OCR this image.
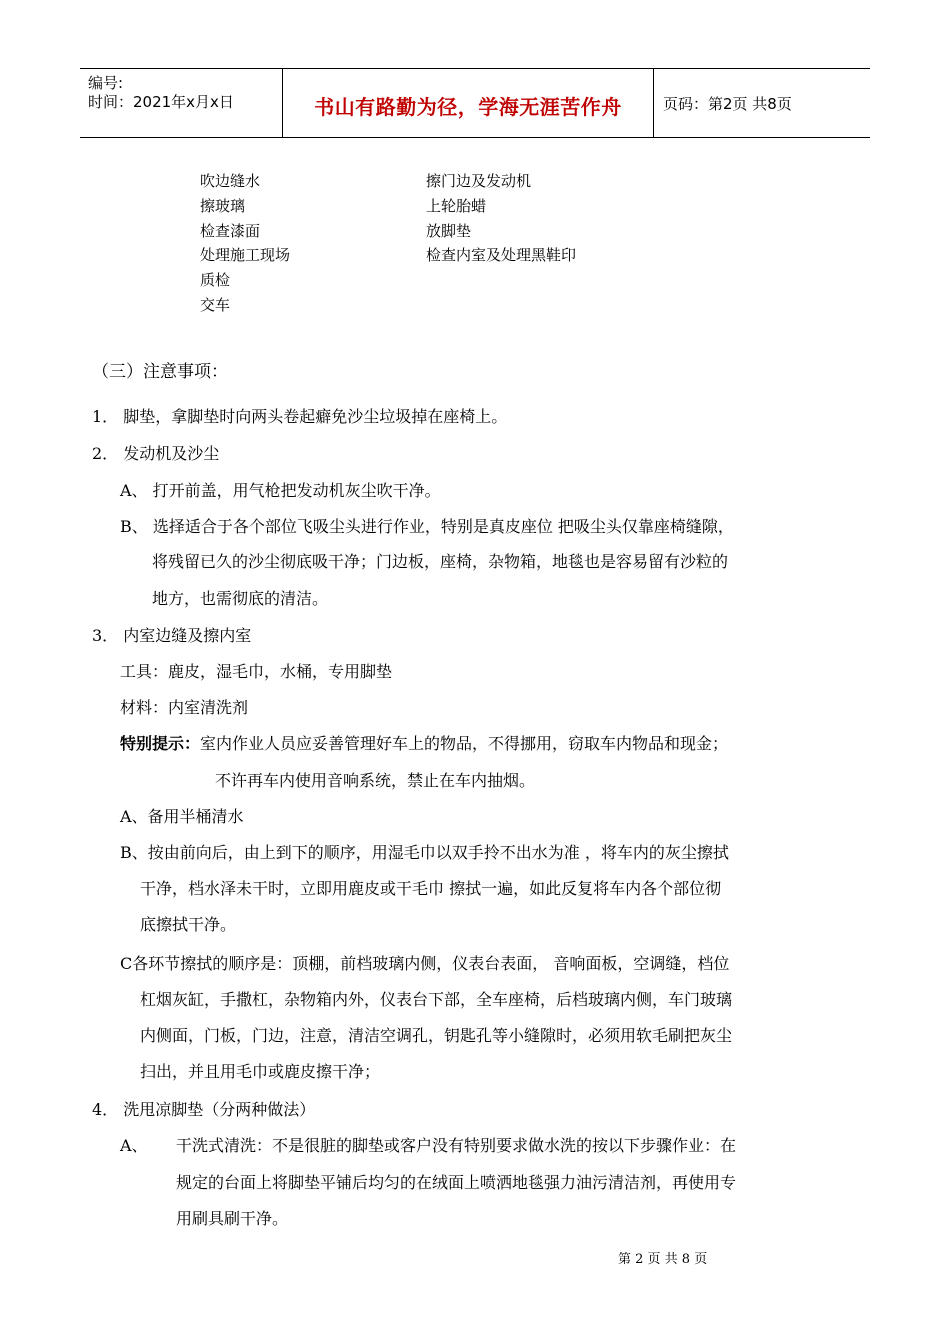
编号:
时间：2021年x月x日	书山有路勤为径，学海无涯苦作舟	页码：第2页 共8页
吹边缝水
擦玻璃
检查漆面
处理施工现场
质检
交车
擦门边及发动机
上轮胎蜡
放脚垫
检查内室及处理黑鞋印
（三）注意事项：
1． 脚垫，拿脚垫时向两头卷起癖免沙尘垃圾掉在座椅上。
2． 发动机及沙尘
A、 打开前盖，用气枪把发动机灰尘吹干净。
B、 选择适合于各个部位飞吸尘头进行作业，特别是真皮座位 把吸尘头仅靠座椅缝隙，
将残留已久的沙尘彻底吸干净；门边板，座椅，杂物箱，地毯也是容易留有沙粒的
地方，也需彻底的清洁。
3． 内室边缝及擦内室
工具：鹿皮，湿毛巾，水桶，专用脚垫
材料：内室清洗剂
特别提示：室内作业人员应妥善管理好车上的物品，不得挪用，窃取车内物品和现金；
不许再车内使用音响系统，禁止在车内抽烟。
A、备用半桶清水
B、按由前向后，由上到下的顺序，用湿毛巾以双手拎不出水为准 ，将车内的灰尘擦拭
干净，档水泽未干时，立即用鹿皮或干毛巾 擦拭一遍，如此反复将车内各个部位彻
底擦拭干净。
C各环节擦拭的顺序是：顶棚，前档玻璃内侧，仪表台表面， 音响面板，空调缝，档位
杠烟灰缸，手撒杠，杂物箱内外，仪表台下部，全车座椅，后档玻璃内侧，车门玻璃
内侧面，门板，门边，注意，清洁空调孔，钥匙孔等小缝隙时，必须用软毛刷把灰尘
扫出，并且用毛巾或鹿皮擦干净；
4． 洗甩凉脚垫（分两种做法）
A、 干洗式清洗：不是很脏的脚垫或客户没有特别要求做水洗的按以下步骤作业：在
规定的台面上将脚垫平铺后均匀的在绒面上喷洒地毯强力油污清洁剂，再使用专
用刷具刷干净。
第 2 页 共 8 页
